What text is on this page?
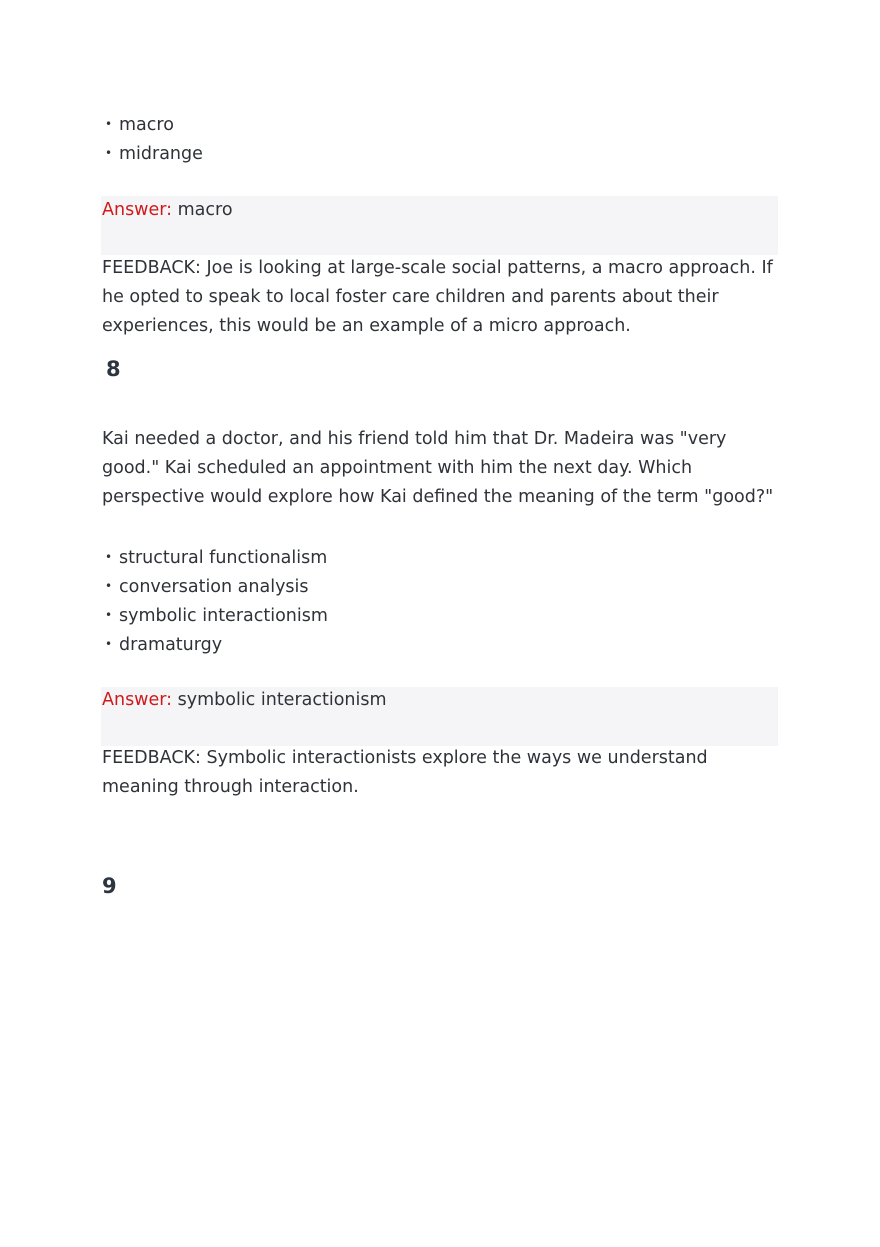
• macro
• midrange
Answer: macro

FEEDBACK: Joe is looking at large-scale social patterns, a macro approach. If he opted to speak to local foster care children and parents about their experiences, this would be an example of a micro approach.

8

Kai needed a doctor, and his friend told him that Dr. Madeira was "very good." Kai scheduled an appointment with him the next day. Which perspective would explore how Kai defined the meaning of the term "good?"

• structural functionalism
• conversation analysis
• symbolic interactionism
• dramaturgy
Answer: symbolic interactionism

FEEDBACK: Symbolic interactionists explore the ways we understand meaning through interaction.

9
